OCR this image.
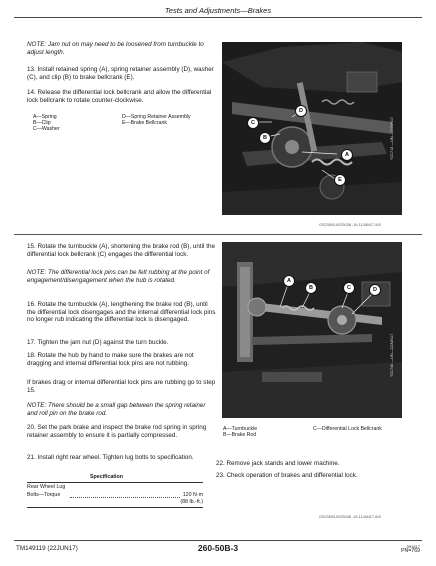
Tests and Adjustments—Brakes
NOTE: Jam nut on may need to be loosened from turnbuckle to adjust length.
13. Install retained spring (A), spring retainer assembly (D), washer (C), and clip (B) to brake bellcrank (E).
14. Release the differential lock bellcrank and allow the differential lock bellcrank to rotate counter-clockwise.
A—Spring
B—Clip
C—Washer
D—Spring Retainer Assembly
E—Brake Bellcrank	YZ1713 —UN—22JUN17
A
B
C
D
E
GS23593,0023038 -19-11JAN17-5/8
15. Rotate the turnbuckle (A), shortening the brake rod (B), until the differential lock bellcrank (C) engages the differential lock.
NOTE: The differential lock pins can be felt rubbing at the point of engagement/disengagement when the hub is rotated.
16. Rotate the turnbuckle (A), lengthening the brake rod (B), until the differential lock disengages and the internal differential lock pins no longer rub indicating the differential lock is disengaged.
17. Tighten the jam nut (D) against the turn buckle.
18. Rotate the hub by hand to make sure the brakes are not dragging and internal differential lock pins are not rubbing.
If brakes drag or internal differential lock pins are rubbing go to step 15.
NOTE: There should be a small gap between the spring retainer and roll pin on the brake rod.
20. Set the park brake and inspect the brake rod spring in spring retainer assembly to ensure it is partially compressed.
21. Install right rear wheel. Tighten lug bolts to specification.
Specification
Rear Wheel Lug
Bolts—Torque	120 N·m
(88 lb.-ft.)
YZ1740 —UN—22JUN17
A
B	C	D
A—Turnbuckle
B—Brake Rod
C—Differential Lock Bellcrank
22. Remove jack stands and lower machine.
23. Check operation of brakes and differential lock.
GS23593,0023038 -19-11JAN17-6/8
TM149119 (22JUN17)	260-50B-3	091617
PN=769
